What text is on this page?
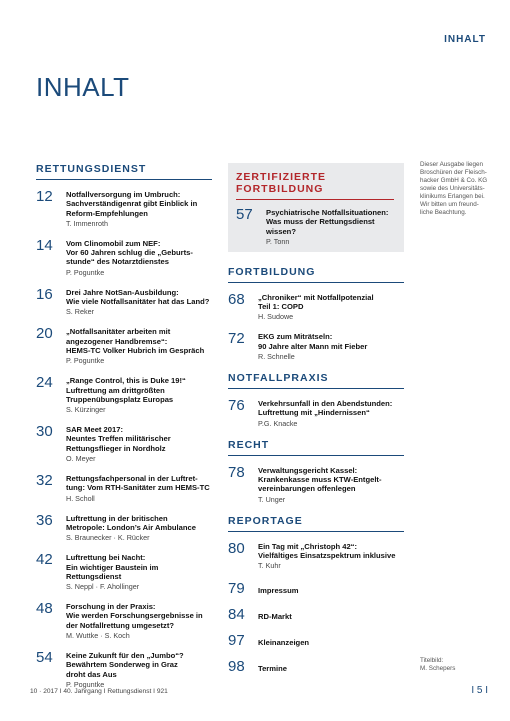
INHALT
INHALT
RETTUNGSDIENST
12	Notfallversorgung im Umbruch:
Sachverständigenrat gibt Einblick in
Reform-Empfehlungen
T. Immenroth
14	Vom Clinomobil zum NEF:
Vor 60 Jahren schlug die „Geburts-
stunde“ des Notarztdienstes
P. Poguntke
16	Drei Jahre NotSan-Ausbildung:
Wie viele Notfallsanitäter hat das Land?
S. Reker
20	„Notfallsanitäter arbeiten mit
angezogener Handbremse“:
HEMS-TC Volker Hubrich im Gespräch
P. Poguntke
24	„Range Control, this is Duke 19!“
Luftrettung am drittgrößten
Truppenübungsplatz Europas
S. Kürzinger
30	SAR Meet 2017:
Neuntes Treffen militärischer
Rettungsflieger in Nordholz
O. Meyer
32	Rettungsfachpersonal in der Luftret-
tung: Vom RTH-Sanitäter zum HEMS-TC
H. Scholl
36	Luftrettung in der britischen
Metropole: London’s Air Ambulance
S. Braunecker · K. Rücker
42	Luftrettung bei Nacht:
Ein wichtiger Baustein im Rettungsdienst
S. Neppl · F. Ahollinger
48	Forschung in der Praxis:
Wie werden Forschungsergebnisse in
der Notfallrettung umgesetzt?
M. Wuttke · S. Koch
54	Keine Zukunft für den „Jumbo“?
Bewährtem Sonderweg in Graz
droht das Aus
P. Poguntke
ZERTIFIZIERTE FORTBILDUNG
57	Psychiatrische Notfallsituationen:
Was muss der Rettungsdienst wissen?
P. Tonn
FORTBILDUNG
68	„Chroniker“ mit Notfallpotenzial
Teil 1: COPD
H. Sudowe
72	EKG zum Miträtseln:
90 Jahre alter Mann mit Fieber
R. Schnelle
NOTFALLPRAXIS
76	Verkehrsunfall in den Abendstunden:
Luftrettung mit „Hindernissen“
P.G. Knacke
RECHT
78	Verwaltungsgericht Kassel:
Krankenkasse muss KTW-Entgelt-
vereinbarungen offenlegen
T. Unger
REPORTAGE
80	Ein Tag mit „Christoph 42“:
Vielfältiges Einsatzspektrum inklusive
T. Kuhr
79	Impressum
84	RD-Markt
97	Kleinanzeigen
98	Termine
Dieser Ausgabe liegen Broschüren der Fleisch-hacker GmbH & Co. KG sowie des Universitäts-klinikums Erlangen bei. Wir bitten um freund-liche Beachtung.
Titelbild:
M. Schepers
10 · 2017 I 40. Jahrgang I Rettungsdienst I 921	I 5 I
